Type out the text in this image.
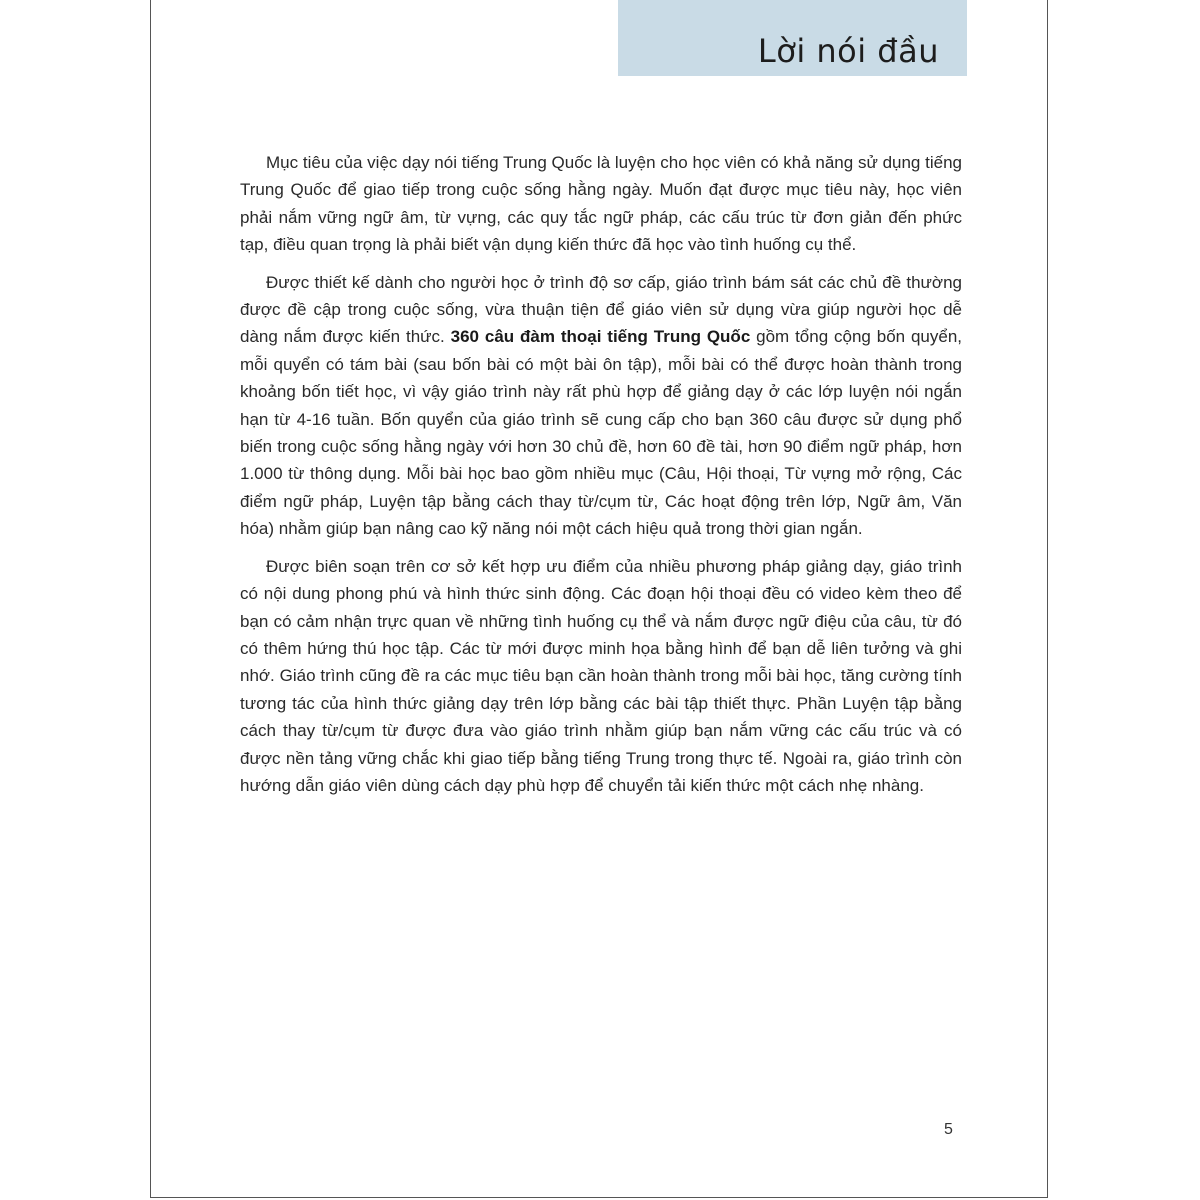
Lời nói đầu

Mục tiêu của việc dạy nói tiếng Trung Quốc là luyện cho học viên có khả năng sử dụng tiếng Trung Quốc để giao tiếp trong cuộc sống hằng ngày. Muốn đạt được mục tiêu này, học viên phải nắm vững ngữ âm, từ vựng, các quy tắc ngữ pháp, các cấu trúc từ đơn giản đến phức tạp, điều quan trọng là phải biết vận dụng kiến thức đã học vào tình huống cụ thể.

Được thiết kế dành cho người học ở trình độ sơ cấp, giáo trình bám sát các chủ đề thường được đề cập trong cuộc sống, vừa thuận tiện để giáo viên sử dụng vừa giúp người học dễ dàng nắm được kiến thức. 360 câu đàm thoại tiếng Trung Quốc gồm tổng cộng bốn quyển, mỗi quyển có tám bài (sau bốn bài có một bài ôn tập), mỗi bài có thể được hoàn thành trong khoảng bốn tiết học, vì vậy giáo trình này rất phù hợp để giảng dạy ở các lớp luyện nói ngắn hạn từ 4-16 tuần. Bốn quyển của giáo trình sẽ cung cấp cho bạn 360 câu được sử dụng phổ biến trong cuộc sống hằng ngày với hơn 30 chủ đề, hơn 60 đề tài, hơn 90 điểm ngữ pháp, hơn 1.000 từ thông dụng. Mỗi bài học bao gồm nhiều mục (Câu, Hội thoại, Từ vựng mở rộng, Các điểm ngữ pháp, Luyện tập bằng cách thay từ/cụm từ, Các hoạt động trên lớp, Ngữ âm, Văn hóa) nhằm giúp bạn nâng cao kỹ năng nói một cách hiệu quả trong thời gian ngắn.

Được biên soạn trên cơ sở kết hợp ưu điểm của nhiều phương pháp giảng dạy, giáo trình có nội dung phong phú và hình thức sinh động. Các đoạn hội thoại đều có video kèm theo để bạn có cảm nhận trực quan về những tình huống cụ thể và nắm được ngữ điệu của câu, từ đó có thêm hứng thú học tập. Các từ mới được minh họa bằng hình để bạn dễ liên tưởng và ghi nhớ. Giáo trình cũng đề ra các mục tiêu bạn cần hoàn thành trong mỗi bài học, tăng cường tính tương tác của hình thức giảng dạy trên lớp bằng các bài tập thiết thực. Phần Luyện tập bằng cách thay từ/cụm từ được đưa vào giáo trình nhằm giúp bạn nắm vững các cấu trúc và có được nền tảng vững chắc khi giao tiếp bằng tiếng Trung trong thực tế. Ngoài ra, giáo trình còn hướng dẫn giáo viên dùng cách dạy phù hợp để chuyển tải kiến thức một cách nhẹ nhàng.

5
